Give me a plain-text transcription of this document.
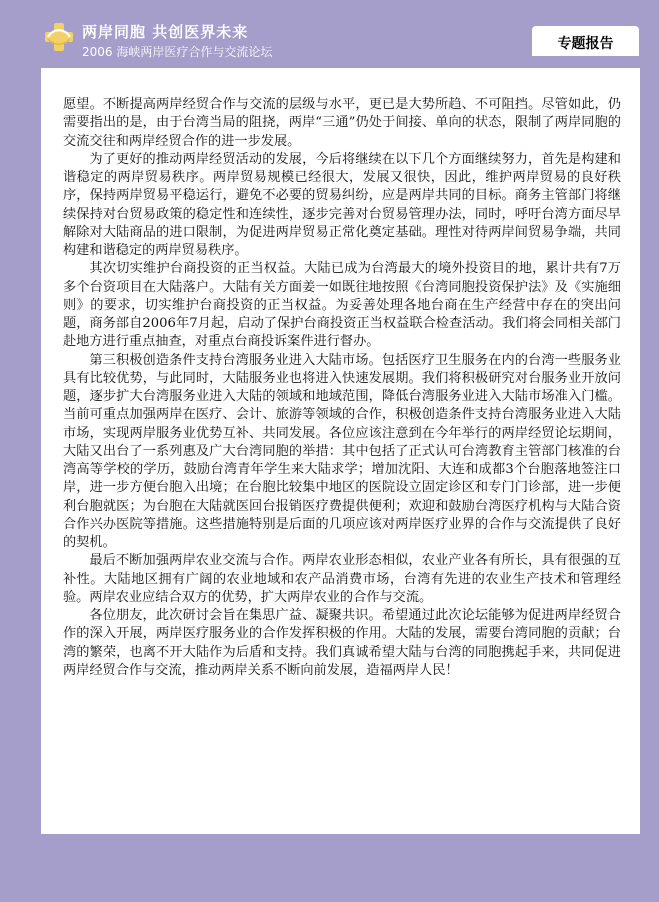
两岸同胞 共创医界未来
2006 海峡两岸医疗合作与交流论坛	专题报告

愿望。不断提高两岸经贸合作与交流的层级与水平，更已是大势所趋、不可阻挡。尽管如此，仍需要指出的是，由于台湾当局的阻挠，两岸“三通”仍处于间接、单向的状态，限制了两岸同胞的交流交往和两岸经贸合作的进一步发展。

为了更好的推动两岸经贸活动的发展，今后将继续在以下几个方面继续努力，首先是构建和谐稳定的两岸贸易秩序。两岸贸易规模已经很大，发展又很快，因此，维护两岸贸易的良好秩序，保持两岸贸易平稳运行，避免不必要的贸易纠纷，应是两岸共同的目标。商务主管部门将继续保持对台贸易政策的稳定性和连续性，逐步完善对台贸易管理办法，同时，呼吁台湾方面尽早解除对大陆商品的进口限制，为促进两岸贸易正常化奠定基础。理性对待两岸间贸易争端，共同构建和谐稳定的两岸贸易秩序。

其次切实维护台商投资的正当权益。大陆已成为台湾最大的境外投资目的地，累计共有7万多个台资项目在大陆落户。大陆有关方面姜一如既往地按照《台湾同胞投资保护法》及《实施细则》的要求，切实维护台商投资的正当权益。为妥善处理各地台商在生产经营中存在的突出问题，商务部自2006年7月起，启动了保护台商投资正当权益联合检查活动。我们将会同相关部门赴地方进行重点抽查，对重点台商投诉案件进行督办。

第三积极创造条件支持台湾服务业进入大陆市场。包括医疗卫生服务在内的台湾一些服务业具有比较优势，与此同时，大陆服务业也将进入快速发展期。我们将积极研究对台服务业开放问题，逐步扩大台湾服务业进入大陆的领域和地域范围，降低台湾服务业进入大陆市场准入门槛。当前可重点加强两岸在医疗、会计、旅游等领域的合作，积极创造条件支持台湾服务业进入大陆市场，实现两岸服务业优势互补、共同发展。各位应该注意到在今年举行的两岸经贸论坛期间，大陆又出台了一系列惠及广大台湾同胞的举措：其中包括了正式认可台湾教育主管部门核准的台湾高等学校的学历，鼓励台湾青年学生来大陆求学；增加沈阳、大连和成都3个台胞落地签注口岸，进一步方便台胞入出境；在台胞比较集中地区的医院设立固定诊区和专门门诊部，进一步便利台胞就医；为台胞在大陆就医回台报销医疗费提供便利；欢迎和鼓励台湾医疗机构与大陆合资合作兴办医院等措施。这些措施特别是后面的几项应该对两岸医疗业界的合作与交流提供了良好的契机。

最后不断加强两岸农业交流与合作。两岸农业形态相似，农业产业各有所长，具有很强的互补性。大陆地区拥有广阔的农业地域和农产品消费市场，台湾有先进的农业生产技术和管理经验。两岸农业应结合双方的优势，扩大两岸农业的合作与交流。

各位朋友，此次研讨会旨在集思广益、凝聚共识。希望通过此次论坛能够为促进两岸经贸合作的深入开展，两岸医疗服务业的合作发挥积极的作用。大陆的发展，需要台湾同胞的贡献；台湾的繁荣，也离不开大陆作为后盾和支持。我们真诚希望大陆与台湾的同胞携起手来，共同促进两岸经贸合作与交流，推动两岸关系不断向前发展，造福两岸人民！
